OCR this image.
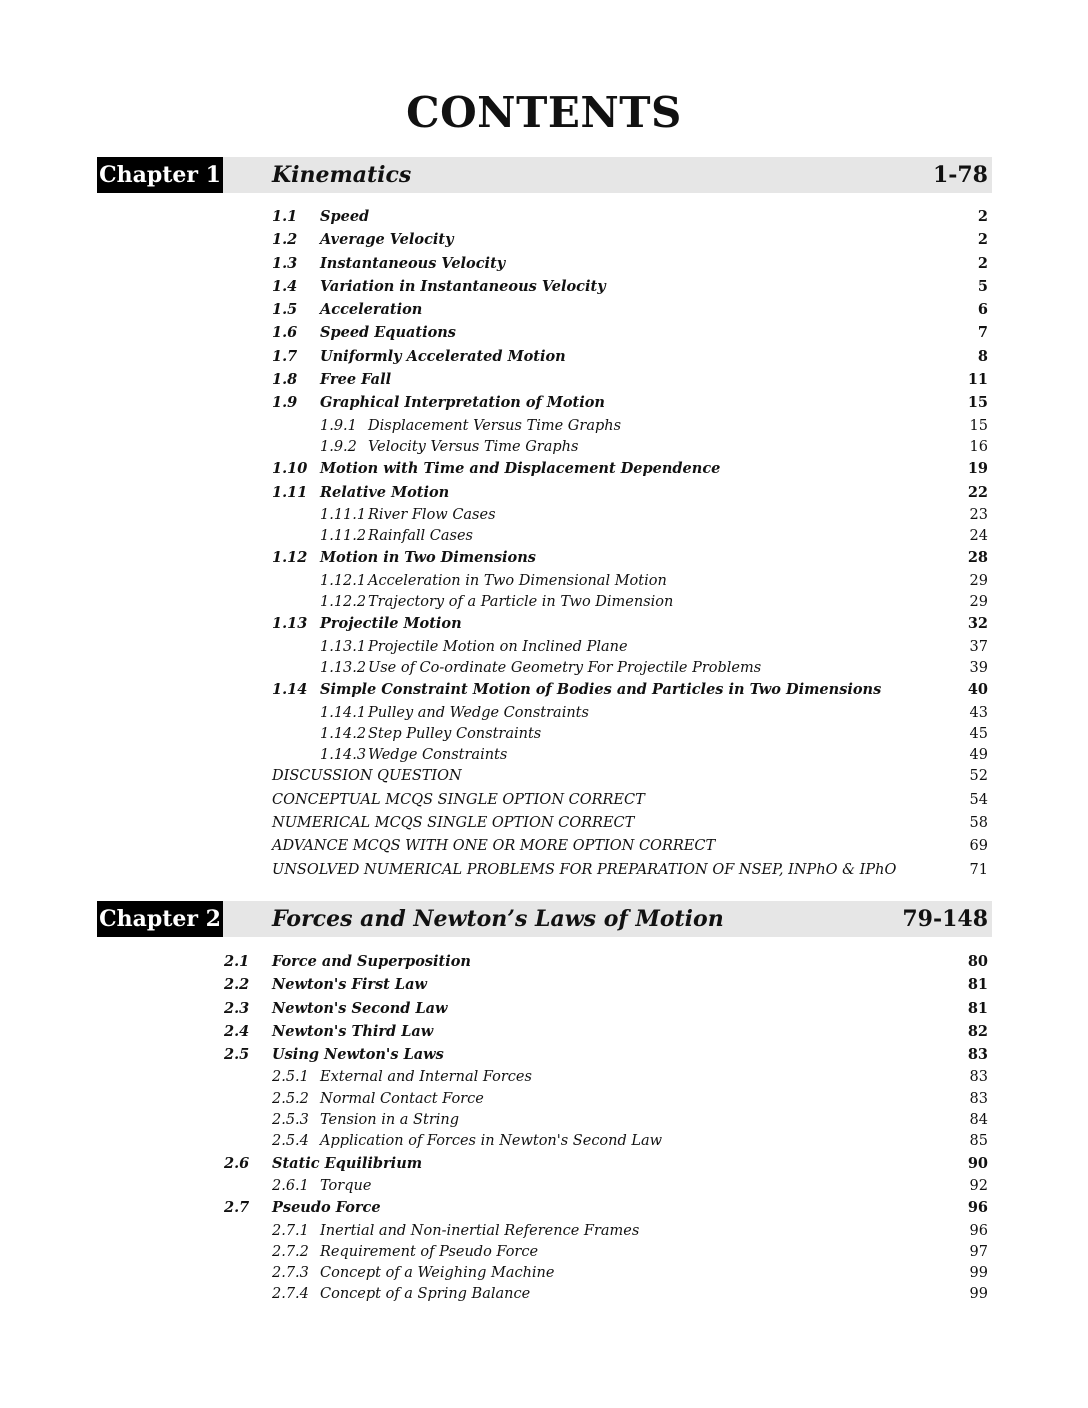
CONTENTS
Chapter 1 Kinematics	1-78
1.1 Speed	2
1.2 Average Velocity	2
1.3 Instantaneous Velocity	2
1.4 Variation in Instantaneous Velocity	5
1.5 Acceleration	6
1.6 Speed Equations	7
1.7 Uniformly Accelerated Motion	8
1.8 Free Fall	11
1.9 Graphical Interpretation of Motion	15
1.9.1 Displacement Versus Time Graphs	15
1.9.2 Velocity Versus Time Graphs	16
1.10 Motion with Time and Displacement Dependence	19
1.11 Relative Motion	22
1.11.1 River Flow Cases	23
1.11.2 Rainfall Cases	24
1.12 Motion in Two Dimensions	28
1.12.1 Acceleration in Two Dimensional Motion	29
1.12.2 Trajectory of a Particle in Two Dimension	29
1.13 Projectile Motion	32
1.13.1 Projectile Motion on Inclined Plane	37
1.13.2 Use of Co-ordinate Geometry For Projectile Problems	39
1.14 Simple Constraint Motion of Bodies and Particles in Two Dimensions	40
1.14.1 Pulley and Wedge Constraints	43
1.14.2 Step Pulley Constraints	45
1.14.3 Wedge Constraints	49
DISCUSSION QUESTION	52
CONCEPTUAL MCQS SINGLE OPTION CORRECT	54
NUMERICAL MCQS SINGLE OPTION CORRECT	58
ADVANCE MCQS WITH ONE OR MORE OPTION CORRECT	69
UNSOLVED NUMERICAL PROBLEMS FOR PREPARATION OF NSEP, INPhO & IPhO	71
Chapter 2 Forces and Newton’s Laws of Motion	79-148
2.1 Force and Superposition	80
2.2 Newton's First Law	81
2.3 Newton's Second Law	81
2.4 Newton's Third Law	82
2.5 Using Newton's Laws	83
2.5.1 External and Internal Forces	83
2.5.2 Normal Contact Force	83
2.5.3 Tension in a String	84
2.5.4 Application of Forces in Newton's Second Law	85
2.6 Static Equilibrium	90
2.6.1 Torque	92
2.7 Pseudo Force	96
2.7.1 Inertial and Non-inertial Reference Frames	96
2.7.2 Requirement of Pseudo Force	97
2.7.3 Concept of a Weighing Machine	99
2.7.4 Concept of a Spring Balance	99
